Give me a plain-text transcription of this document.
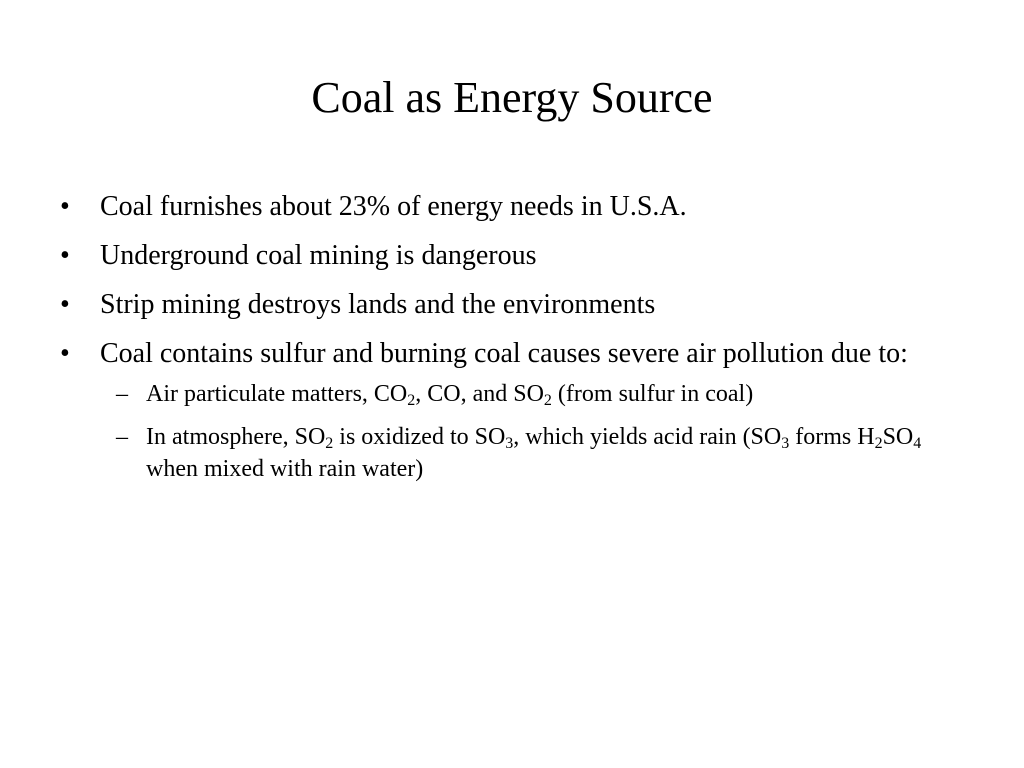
Coal as Energy Source
•	Coal furnishes about 23% of energy needs in U.S.A.
•	Underground coal mining is dangerous
•	Strip mining destroys lands and the environments
•	Coal contains sulfur and burning coal causes severe air pollution due to:
– Air particulate matters, $CO_2$, CO, and $SO_2$ (from sulfur in coal)
– In atmosphere, $SO_2$ is oxidized to $SO_3$, which yields acid rain ($SO_3$ forms $H_2SO_4$ when mixed with rain water)
